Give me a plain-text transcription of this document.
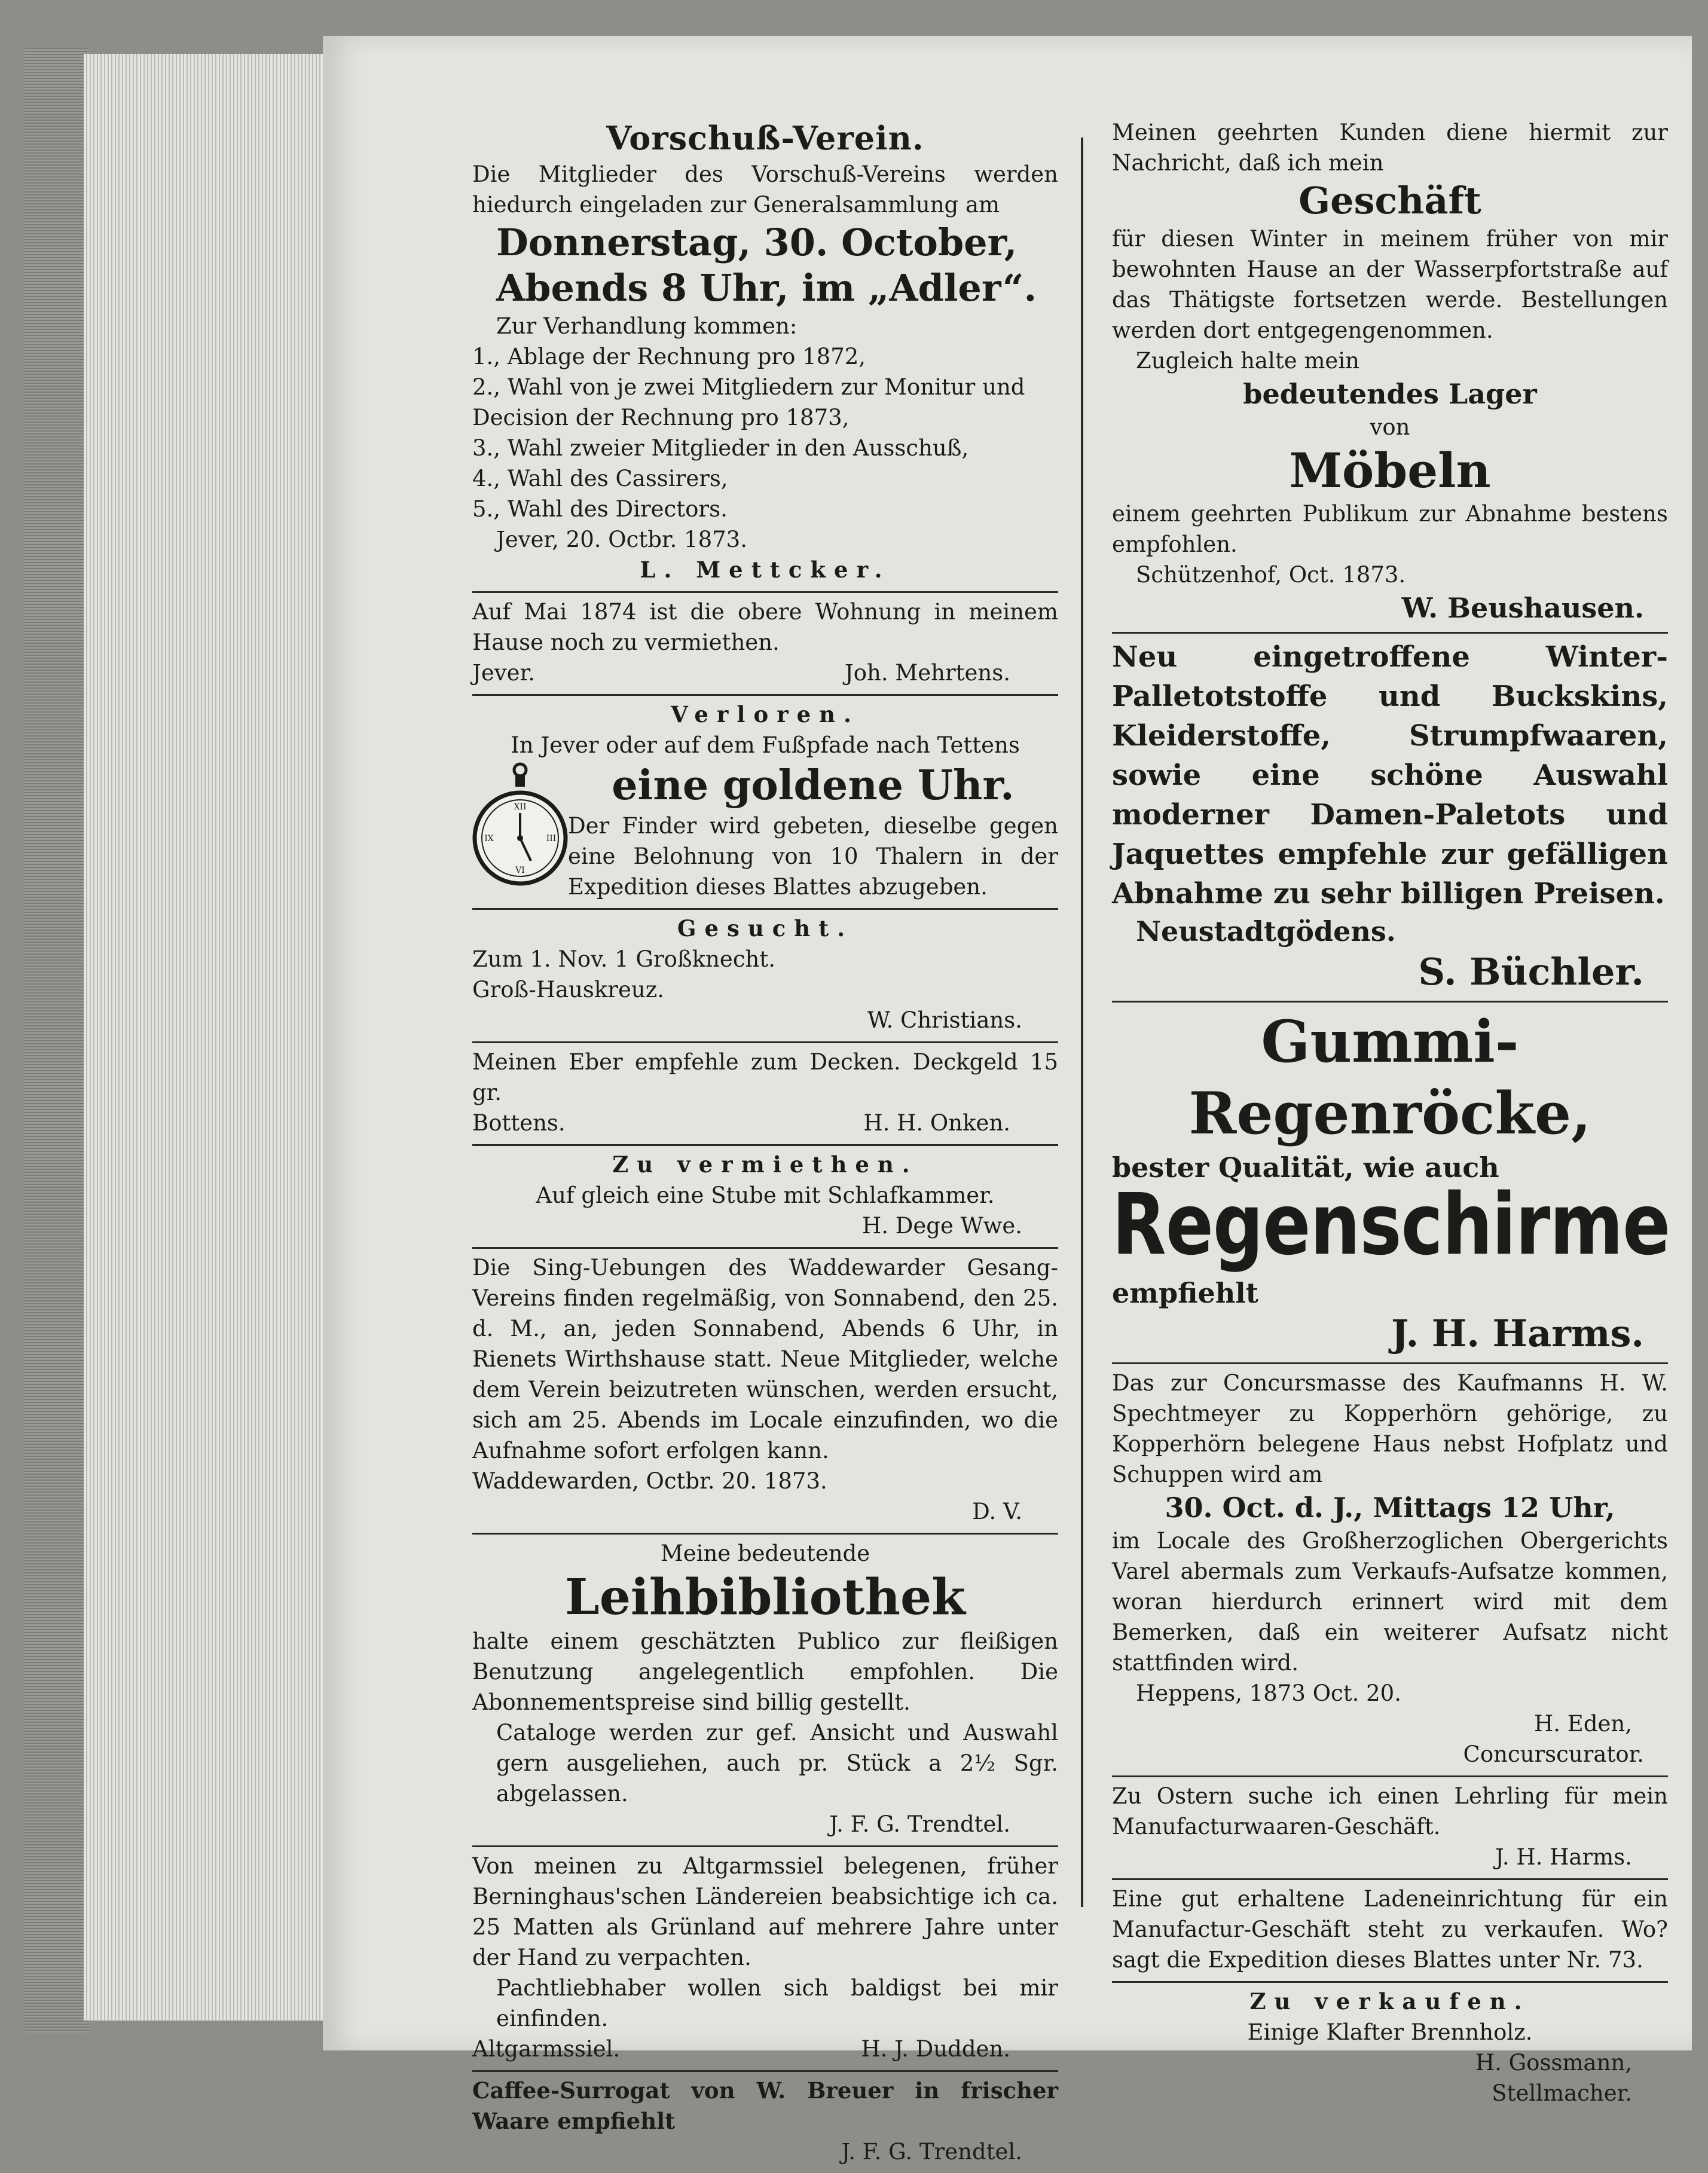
Vorschuß-Verein.

Die Mitglieder des Vorschuß-Vereins werden hiedurch eingeladen zur Generalsammlung am

Donnerstag, 30. October,

Abends 8 Uhr, im „Adler“.

Zur Verhandlung kommen:

1., Ablage der Rechnung pro 1872,

2., Wahl von je zwei Mitgliedern zur Monitur und Decision der Rechnung pro 1873,

3., Wahl zweier Mitglieder in den Ausschuß,

4., Wahl des Cassirers,

5., Wahl des Directors.

Jever, 20. Octbr. 1873.

L. Mettcker.

Auf Mai 1874 ist die obere Wohnung in meinem Hause noch zu vermiethen.

Jever.	Joh. Mehrtens.

Verloren.

In Jever oder auf dem Fußpfade nach Tettens

XII
VI
IX	III

eine goldene Uhr.

Der Finder wird gebeten, dieselbe gegen eine Belohnung von 10 Thalern in der Expedition dieses Blattes abzugeben.

Gesucht.

Zum 1. Nov. 1 Großknecht.

Groß-Hauskreuz.

W. Christians.

Meinen Eber empfehle zum Decken. Deckgeld 15 gr.

Bottens.	H. H. Onken.

Zu vermiethen.

Auf gleich eine Stube mit Schlafkammer.

H. Dege Wwe.

Die Sing-Uebungen des Waddewarder Gesang-Vereins finden regelmäßig, von Sonnabend, den 25. d. M., an, jeden Sonnabend, Abends 6 Uhr, in Rienets Wirthshause statt. Neue Mitglieder, welche dem Verein beizutreten wünschen, werden ersucht, sich am 25. Abends im Locale einzufinden, wo die Aufnahme sofort erfolgen kann.

Waddewarden, Octbr. 20. 1873.

D. V.

Meine bedeutende

Leihbibliothek

halte einem geschätzten Publico zur fleißigen Benutzung angelegentlich empfohlen. Die Abonnementspreise sind billig gestellt.

Cataloge werden zur gef. Ansicht und Auswahl gern ausgeliehen, auch pr. Stück a 2½ Sgr. abgelassen.

J. F. G. Trendtel.

Von meinen zu Altgarmssiel belegenen, früher Berninghaus'schen Ländereien beabsichtige ich ca. 25 Matten als Grünland auf mehrere Jahre unter der Hand zu verpachten.

Pachtliebhaber wollen sich baldigst bei mir einfinden.

Altgarmssiel.	H. J. Dudden.

Caffee-Surrogat von W. Breuer in frischer Waare empfiehlt

J. F. G. Trendtel.

Meinen geehrten Kunden diene hiermit zur Nachricht, daß ich mein

Geschäft

für diesen Winter in meinem früher von mir bewohnten Hause an der Wasserpfortstraße auf das Thätigste fortsetzen werde. Bestellungen werden dort entgegengenommen.

Zugleich halte mein

bedeutendes Lager

von

Möbeln

einem geehrten Publikum zur Abnahme bestens empfohlen.

Schützenhof, Oct. 1873.

W. Beushausen.

Neu eingetroffene Winter-Palletotstoffe und Buckskins, Kleiderstoffe, Strumpfwaaren, sowie eine schöne Auswahl moderner Damen-Paletots und Jaquettes empfehle zur gefälligen Abnahme zu sehr billigen Preisen.

Neustadtgödens.

S. Büchler.

Gummi-Regenröcke,

bester Qualität, wie auch

Regenschirme

empfiehlt

J. H. Harms.

Das zur Concursmasse des Kaufmanns H. W. Spechtmeyer zu Kopperhörn gehörige, zu Kopperhörn belegene Haus nebst Hofplatz und Schuppen wird am

30. Oct. d. J., Mittags 12 Uhr,

im Locale des Großherzoglichen Obergerichts Varel abermals zum Verkaufs-Aufsatze kommen, woran hierdurch erinnert wird mit dem Bemerken, daß ein weiterer Aufsatz nicht stattfinden wird.

Heppens, 1873 Oct. 20.

H. Eden,

Concurscurator.

Zu Ostern suche ich einen Lehrling für mein Manufacturwaaren-Geschäft.

J. H. Harms.

Eine gut erhaltene Ladeneinrichtung für ein Manufactur-Geschäft steht zu verkaufen. Wo? sagt die Expedition dieses Blattes unter Nr. 73.

Zu verkaufen.

Einige Klafter Brennholz.

H. Gossmann,

Stellmacher.
